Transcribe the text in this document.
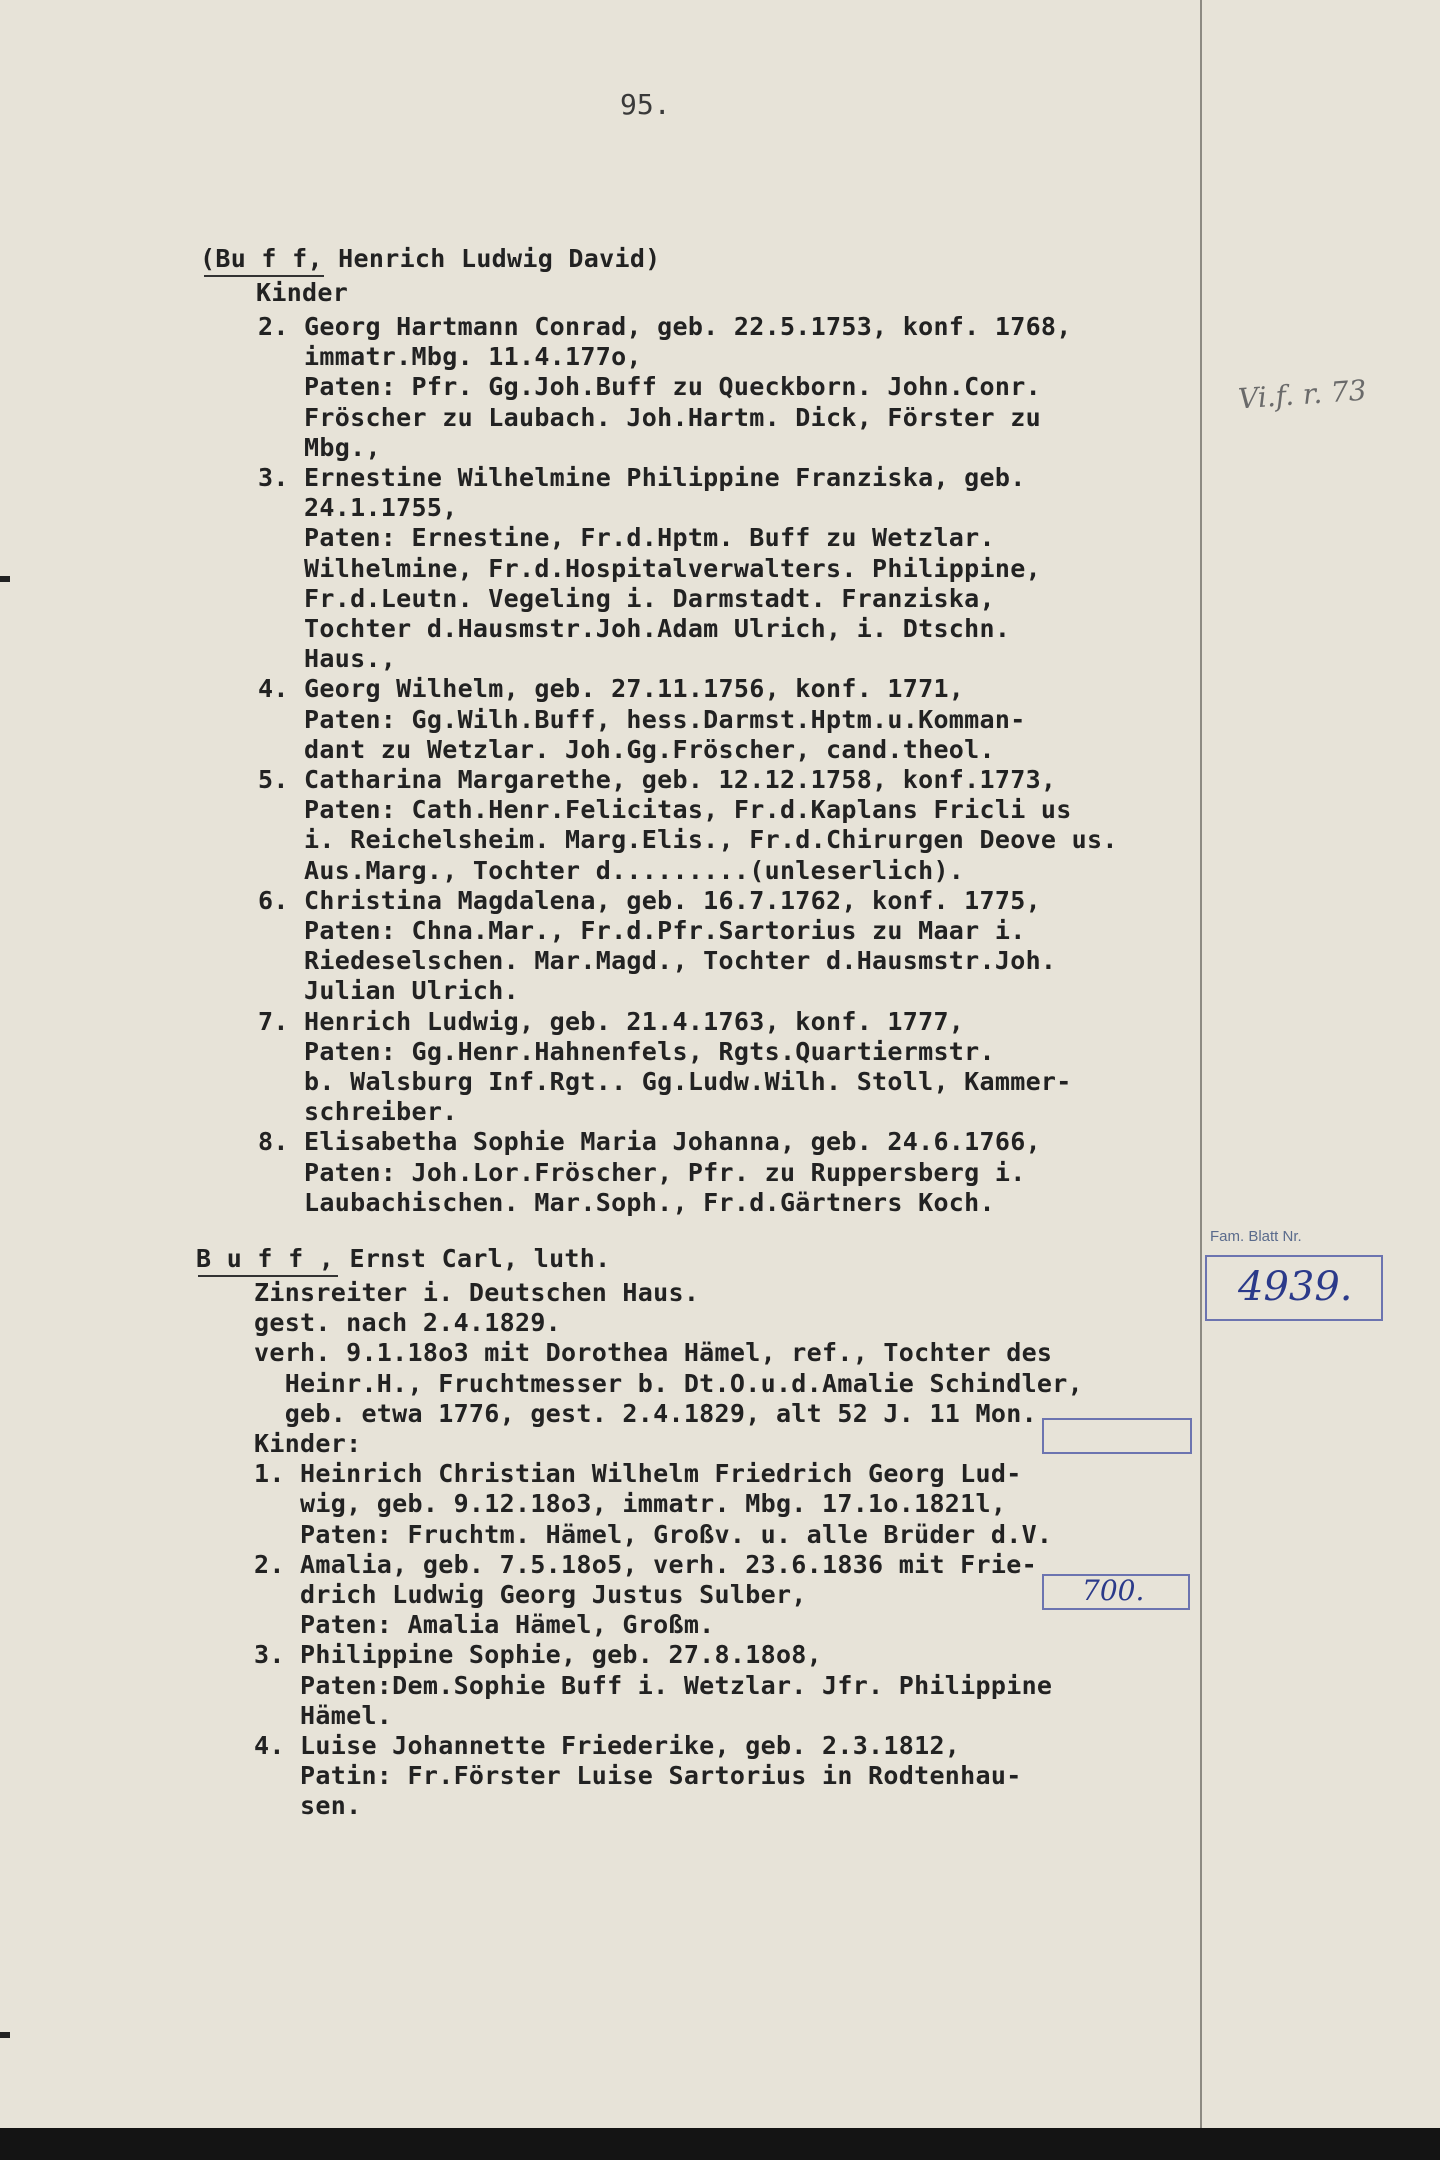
95.
(Bu f f, Henrich Ludwig David)
Kinder
2. Georg Hartmann Conrad, geb. 22.5.1753, konf. 1768,
immatr.Mbg. 11.4.177o,
Paten: Pfr. Gg.Joh.Buff zu Queckborn. John.Conr.
Fröscher zu Laubach. Joh.Hartm. Dick, Förster zu
Mbg.,
3. Ernestine Wilhelmine Philippine Franziska, geb.
24.1.1755,
Paten: Ernestine, Fr.d.Hptm. Buff zu Wetzlar.
Wilhelmine, Fr.d.Hospitalverwalters. Philippine,
Fr.d.Leutn. Vegeling i. Darmstadt. Franziska,
Tochter d.Hausmstr.Joh.Adam Ulrich, i. Dtschn.
Haus.,
4. Georg Wilhelm, geb. 27.11.1756, konf. 1771,
Paten: Gg.Wilh.Buff, hess.Darmst.Hptm.u.Komman-
dant zu Wetzlar. Joh.Gg.Fröscher, cand.theol.
5. Catharina Margarethe, geb. 12.12.1758, konf.1773,
Paten: Cath.Henr.Felicitas, Fr.d.Kaplans Fricli us
i. Reichelsheim. Marg.Elis., Fr.d.Chirurgen Deove us.
Aus.Marg., Tochter d.........(unleserlich).
6. Christina Magdalena, geb. 16.7.1762, konf. 1775,
Paten: Chna.Mar., Fr.d.Pfr.Sartorius zu Maar i.
Riedeselschen. Mar.Magd., Tochter d.Hausmstr.Joh.
Julian Ulrich.
7. Henrich Ludwig, geb. 21.4.1763, konf. 1777,
Paten: Gg.Henr.Hahnenfels, Rgts.Quartiermstr.
b. Walsburg Inf.Rgt.. Gg.Ludw.Wilh. Stoll, Kammer-
schreiber.
8. Elisabetha Sophie Maria Johanna, geb. 24.6.1766,
Paten: Joh.Lor.Fröscher, Pfr. zu Ruppersberg i.
Laubachischen. Mar.Soph., Fr.d.Gärtners Koch.
B u f f , Ernst Carl, luth.
Zinsreiter i. Deutschen Haus.
gest. nach 2.4.1829.
verh. 9.1.18o3 mit Dorothea Hämel, ref., Tochter des
Heinr.H., Fruchtmesser b. Dt.O.u.d.Amalie Schindler,
geb. etwa 1776, gest. 2.4.1829, alt 52 J. 11 Mon.
Kinder:
1. Heinrich Christian Wilhelm Friedrich Georg Lud-
wig, geb. 9.12.18o3, immatr. Mbg. 17.1o.1821l,
Paten: Fruchtm. Hämel, Großv. u. alle Brüder d.V.
2. Amalia, geb. 7.5.18o5, verh. 23.6.1836 mit Frie-
drich Ludwig Georg Justus Sulber,
Paten: Amalia Hämel, Großm.
3. Philippine Sophie, geb. 27.8.18o8,
Paten:Dem.Sophie Buff i. Wetzlar. Jfr. Philippine
Hämel.
4. Luise Johannette Friederike, geb. 2.3.1812,
Patin: Fr.Förster Luise Sartorius in Rodtenhau-
sen.
Vi.f. r. 73
Fam. Blatt Nr.
4939.
700.
